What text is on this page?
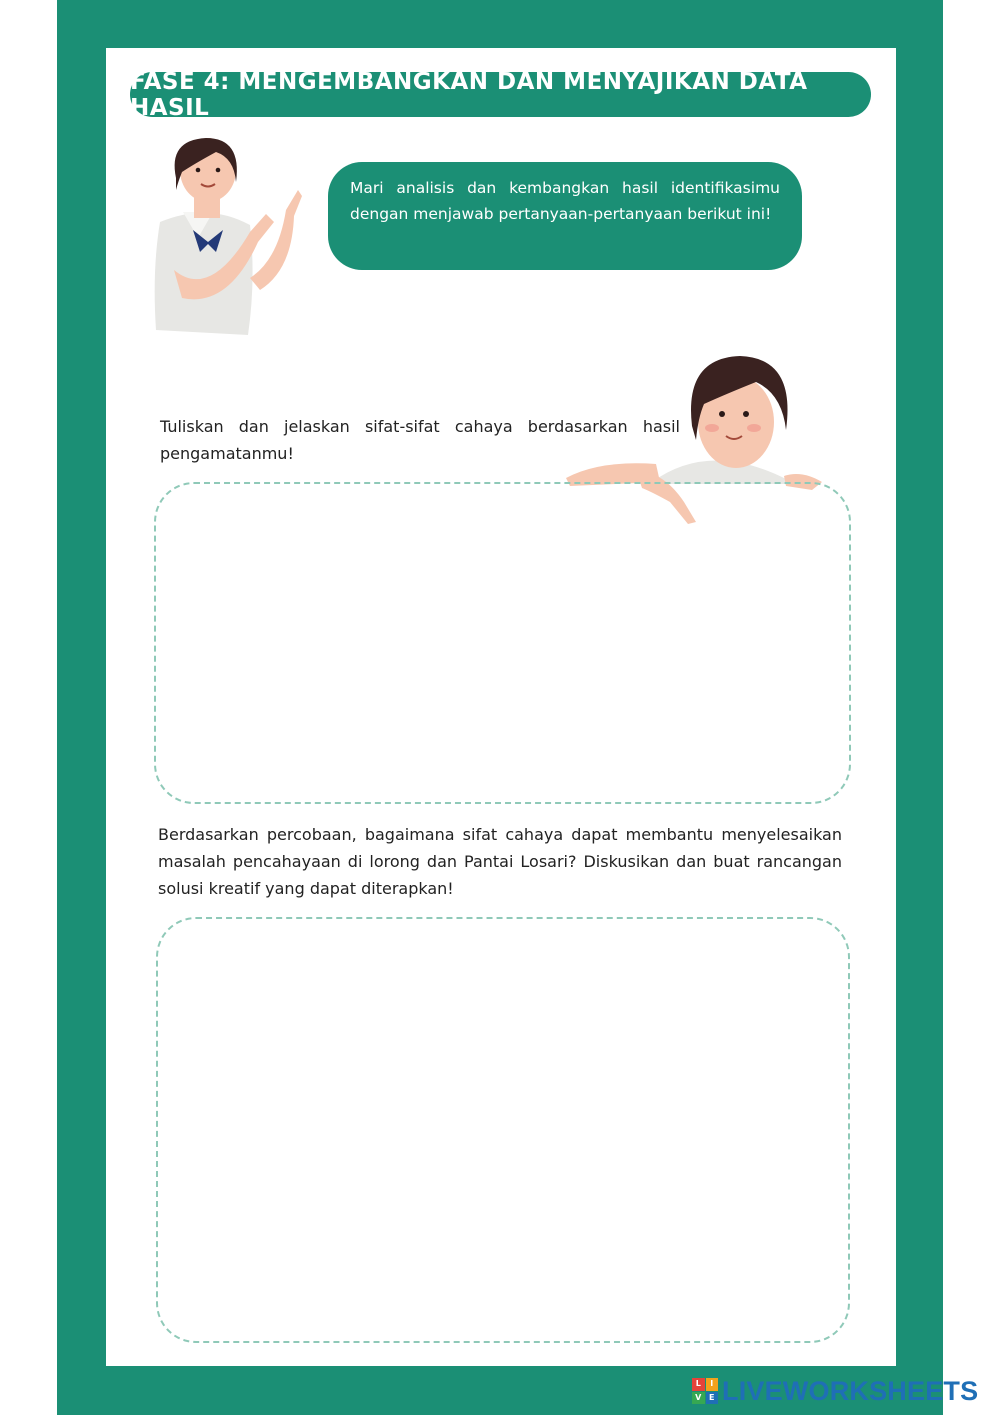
FASE 4: MENGEMBANGKAN DAN MENYAJIKAN DATA HASIL
Mari analisis dan kembangkan hasil identifikasimu dengan menjawab pertanyaan-pertanyaan berikut ini!
Tuliskan dan jelaskan sifat-sifat cahaya berdasarkan hasil pengamatanmu!
Berdasarkan percobaan, bagaimana sifat cahaya dapat membantu menyelesaikan masalah pencahayaan di lorong dan Pantai Losari? Diskusikan dan buat rancangan solusi kreatif yang dapat diterapkan!
L	I
V E LIVEWORKSHEETS
